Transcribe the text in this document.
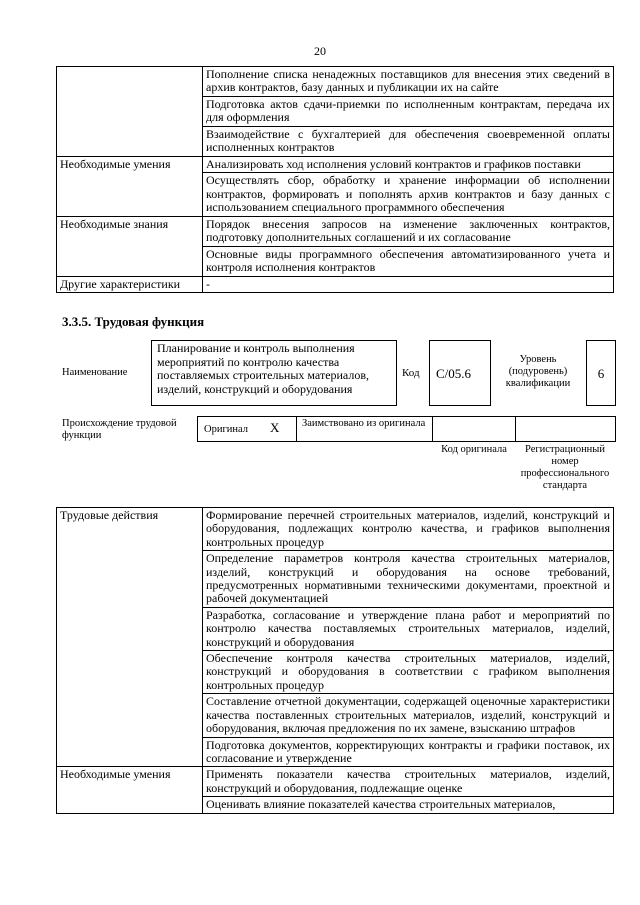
20
	Пополнение списка ненадежных поставщиков для внесения этих сведений в архив контрактов, базу данных и публикации их на сайте
	Подготовка актов сдачи-приемки по исполненным контрактам, передача их для оформления
	Взаимодействие с бухгалтерией для обеспечения своевременной оплаты исполненных контрактов
Необходимые умения	Анализировать ход исполнения условий контрактов и графиков поставки
	Осуществлять сбор, обработку и хранение информации об исполнении контрактов, формировать и пополнять архив контрактов и базу данных с использованием специального программного обеспечения
Необходимые знания	Порядок внесения запросов на изменение заключенных контрактов, подготовку дополнительных соглашений и их согласование
	Основные виды программного обеспечения автоматизированного учета и контроля исполнения контрактов
Другие характеристики	-
3.3.5. Трудовая функция
Наименование
Планирование и контроль выполнения мероприятий по контролю качества поставляемых строительных материалов, изделий, конструкций и оборудования
Код	C/05.6
Уровень (подуровень) квалификации
6
Происхождение трудовой функции
Оригинал X Заимствовано из оригинала
Код оригинала	Регистрационный номер профессионального стандарта
Трудовые действия	Формирование перечней строительных материалов, изделий, конструкций и оборудования, подлежащих контролю качества, и графиков выполнения контрольных процедур
	Определение параметров контроля качества строительных материалов, изделий, конструкций и оборудования на основе требований, предусмотренных нормативными техническими документами, проектной и рабочей документацией
	Разработка, согласование и утверждение плана работ и мероприятий по контролю качества поставляемых строительных материалов, изделий, конструкций и оборудования
	Обеспечение контроля качества строительных материалов, изделий, конструкций и оборудования в соответствии с графиком выполнения контрольных процедур
	Составление отчетной документации, содержащей оценочные характеристики качества поставленных строительных материалов, изделий, конструкций и оборудования, включая предложения по их замене, взысканию штрафов
	Подготовка документов, корректирующих контракты и графики поставок, их согласование и утверждение
Необходимые умения	Применять показатели качества строительных материалов, изделий, конструкций и оборудования, подлежащие оценке
	Оценивать влияние показателей качества строительных материалов,
